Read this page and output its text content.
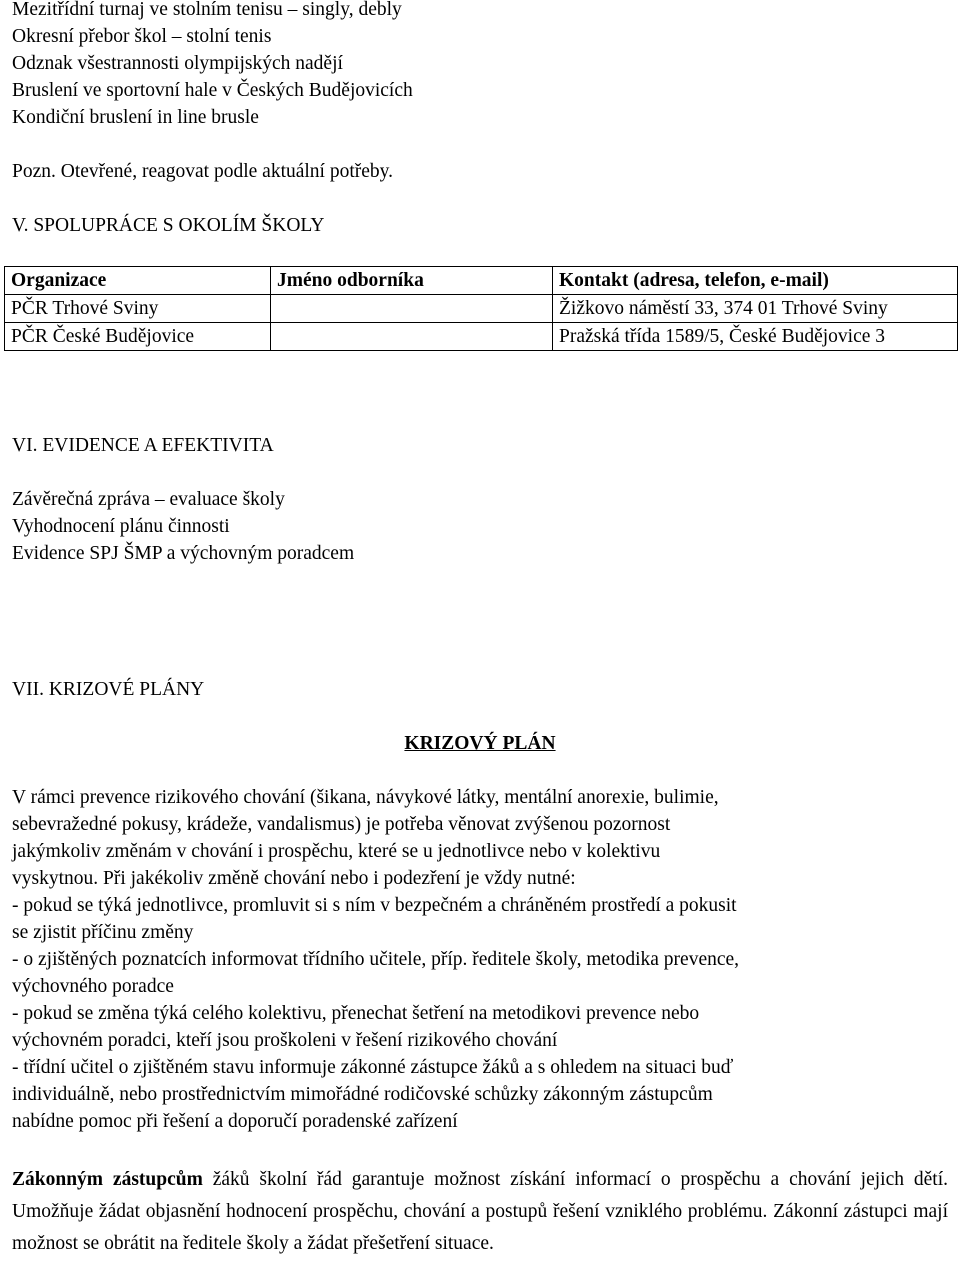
Mezitřídní turnaj ve stolním tenisu – singly, debly
Okresní přebor škol – stolní tenis
Odznak všestrannosti olympijských nadějí
Bruslení ve sportovní hale v Českých Budějovicích
Kondiční bruslení in line brusle
Pozn. Otevřené, reagovat podle aktuální potřeby.
V. SPOLUPRÁCE S OKOLÍM ŠKOLY
Organizace	Jméno odborníka	Kontakt (adresa, telefon, e-mail)
PČR Trhové Sviny		Žižkovo náměstí 33, 374 01 Trhové Sviny
PČR České Budějovice		Pražská třída 1589/5, České Budějovice 3
VI. EVIDENCE A EFEKTIVITA
Závěrečná zpráva – evaluace školy
Vyhodnocení plánu činnosti
Evidence SPJ ŠMP a výchovným poradcem
VII. KRIZOVÉ PLÁNY
KRIZOVÝ PLÁN
V rámci prevence rizikového chování (šikana, návykové látky, mentální anorexie, bulimie,
sebevražedné pokusy, krádeže, vandalismus) je potřeba věnovat zvýšenou pozornost
jakýmkoliv změnám v chování i prospěchu, které se u jednotlivce nebo v kolektivu
vyskytnou. Při jakékoliv změně chování nebo i podezření je vždy nutné:
- pokud se týká jednotlivce, promluvit si s ním v bezpečném a chráněném prostředí a pokusit
se zjistit příčinu změny
- o zjištěných poznatcích informovat třídního učitele, příp. ředitele školy, metodika prevence,
výchovného poradce
- pokud se změna týká celého kolektivu, přenechat šetření na metodikovi prevence nebo
výchovném poradci, kteří jsou proškoleni v řešení rizikového chování
- třídní učitel o zjištěném stavu informuje zákonné zástupce žáků a s ohledem na situaci buď
individuálně, nebo prostřednictvím mimořádné rodičovské schůzky zákonným zástupcům
nabídne pomoc při řešení a doporučí poradenské zařízení
Zákonným zástupcům žáků školní řád garantuje možnost získání informací o prospěchu a chování jejich dětí. Umožňuje žádat objasnění hodnocení prospěchu, chování a postupů řešení vzniklého problému. Zákonní zástupci mají možnost se obrátit na ředitele školy a žádat přešetření situace.
